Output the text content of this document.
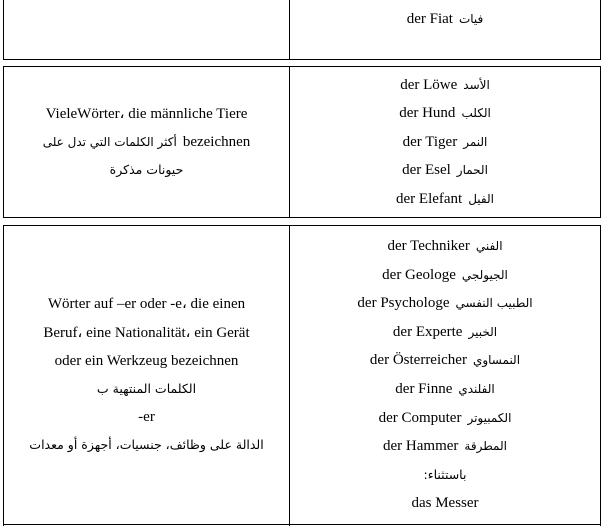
der Fiat فيات
VieleWörter، die männliche Tiere
أكثر الكلمات التي تدل على bezeichnen
حيونات مذكرة
der Löwe الأسد
der Hund الكلب
der Tiger النمر
der Esel الحمار
der Elefant الفيل
Wörter auf –er oder -e، die einen
Beruf، eine Nationalität، ein Gerät
oder ein Werkzeug bezeichnen
الكلمات المنتهية ب
-er
الدالة على وظائف، جنسيات، أجهزة أو معدات
der Techniker الفني
der Geologe الجيولجي
der Psychologe الطبيب النفسي
der Experte الخبير
der Österreicher النمساوي
der Finne الفلندي
der Computer الكمبيوتر
der Hammer المطرقة
باستثناء:
das Messer
